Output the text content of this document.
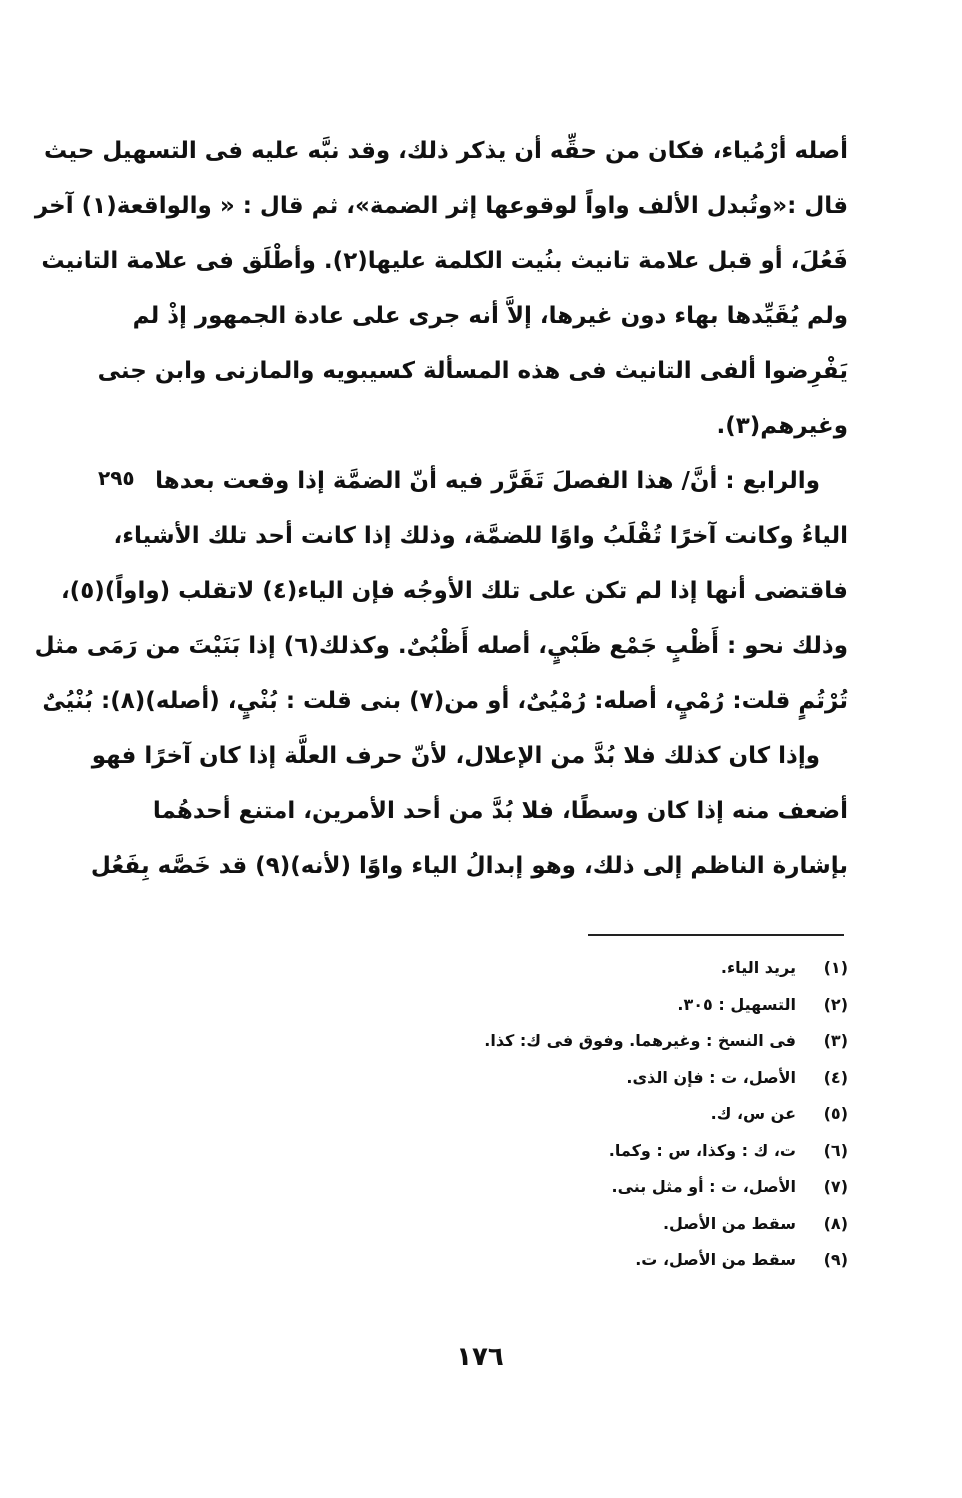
أصله أرْمُياء، فكان من حقِّه أن يذكر ذلك، وقد نبَّه عليه فى التسهيل حيث
قال :«وتُبدل الألف واواً لوقوعها إثر الضمة»، ثم قال : « والواقعة(١) آخر
فَعُلَ، أو قبل علامة تانيث بنُيت الكلمة عليها(٢). وأطْلَق فى علامة التانيث
ولم يُقَيِّدها بهاء دون غيرها، إلاَّ أنه جرى على عادة الجمهور إذْ لم
يَفْرِضوا ألفى التانيث فى هذه المسألة كسيبويه والمازنى وابن جنى
وغيرهم(٣).
والرابع : أنَّ/ هذا الفصلَ تَقَرَّر فيه أنّ الضمَّة إذا وقعت بعدها
الياءُ وكانت آخرًا تُقْلَبُ واوًا للضمَّة، وذلك إذا كانت أحد تلك الأشياء،
فاقتضى أنها إذا لم تكن على تلك الأوجُه فإن الياء(٤) لاتقلب (واواً)(٥)،
وذلك نحو : أَظْبٍ جَمْع ظَبْيٍ، أصله أَظْبُىٌ. وكذلك(٦) إذا بَنَيْتَ من رَمَى مثل
تُرْتُمٍ قلت: رُمْيٍ، أصله: رُمْيُىٌ، أو من(٧) بنى قلت : بُنْيٍ، (أصله)(٨): بُنْيُىٌ
وإذا كان كذلك فلا بُدَّ من الإعلال، لأنّ حرف العلَّة إذا كان آخرًا فهو
أضعف منه إذا كان وسطًا، فلا بُدَّ من أحد الأمرين، امتنع أحدهُما
بإشارة الناظم إلى ذلك، وهو إبدالُ الياء واوًا (لأنه)(٩) قد خَصَّه بِفَعُل
٢٩٥
(١)
يريد الياء.
(٢)
التسهيل : ٣٠٥.
(٣)
فى النسخ : وغيرهما. وفوق فى ك: كذا.
(٤)
الأصل، ت : فإن الذى.
(٥)
عن س، ك.
(٦)
ت، ك : وكذا، س : وكما.
(٧)
الأصل، ت : أو مثل بنى.
(٨)
سقط من الأصل.
(٩)
سقط من الأصل، ت.
١٧٦
